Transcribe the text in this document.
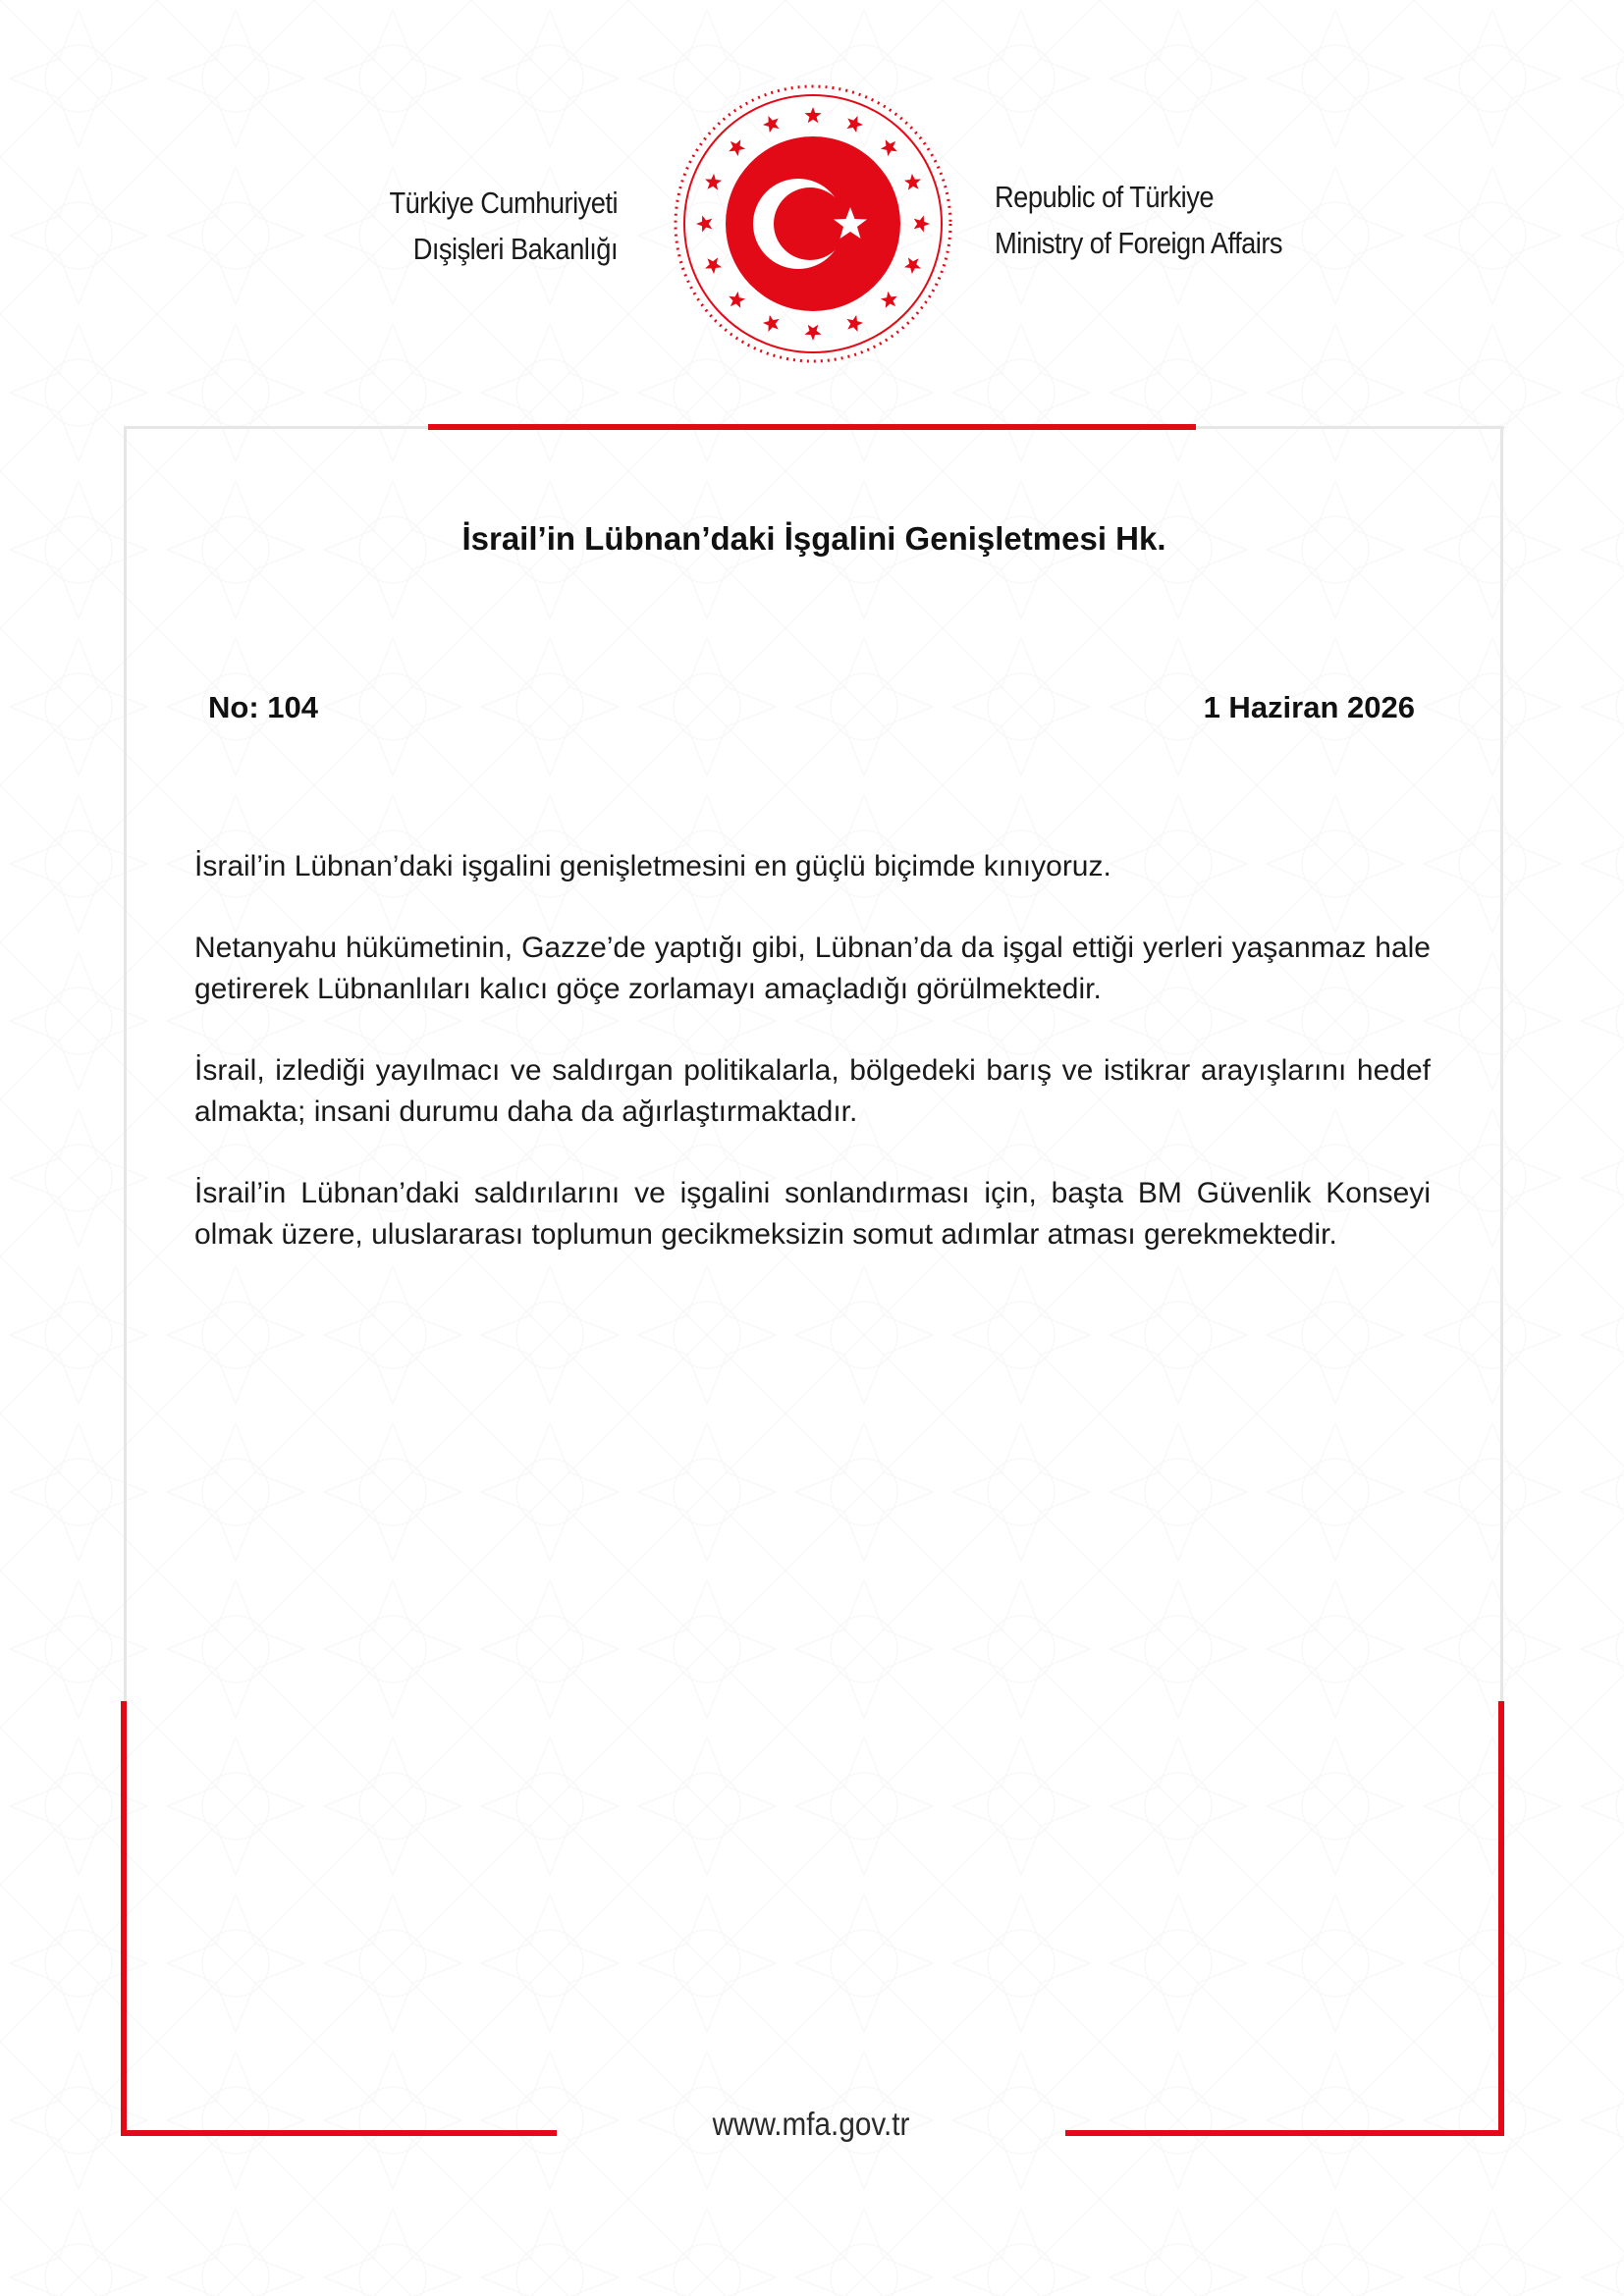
Türkiye Cumhuriyeti
Dışişleri Bakanlığı
Republic of Türkiye
Ministry of Foreign Affairs
İsrail’in Lübnan’daki İşgalini Genişletmesi Hk.
No: 104	1 Haziran 2026

İsrail’in Lübnan’daki işgalini genişletmesini en güçlü biçimde kınıyoruz.

Netanyahu hükümetinin, Gazze’de yaptığı gibi, Lübnan’da da işgal ettiği yerleri yaşanmaz hale getirerek Lübnanlıları kalıcı göçe zorlamayı amaçladığı görülmektedir.

İsrail, izlediği yayılmacı ve saldırgan politikalarla, bölgedeki barış ve istikrar arayışlarını hedef almakta; insani durumu daha da ağırlaştırmaktadır.

İsrail’in Lübnan’daki saldırılarını ve işgalini sonlandırması için, başta BM Güvenlik Konseyi olmak üzere, uluslararası toplumun gecikmeksizin somut adımlar atması gerekmektedir.

www.mfa.gov.tr
